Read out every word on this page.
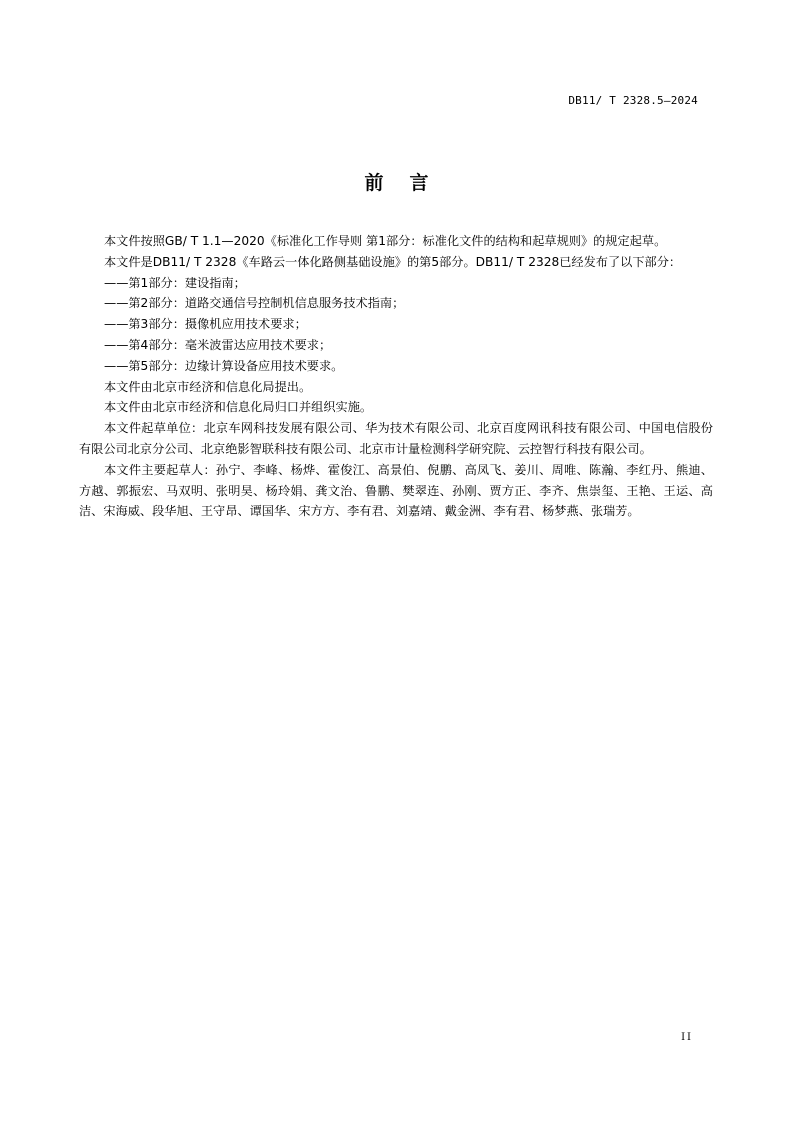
DB11/ T 2328.5—2024
前言

本文件按照GB/ T 1.1—2020《标准化工作导则 第1部分：标准化文件的结构和起草规则》的规定起草。

本文件是DB11/ T 2328《车路云一体化路侧基础设施》的第5部分。DB11/ T 2328已经发布了以下部分：

——第1部分：建设指南；

——第2部分：道路交通信号控制机信息服务技术指南；

——第3部分：摄像机应用技术要求；

——第4部分：毫米波雷达应用技术要求；

——第5部分：边缘计算设备应用技术要求。

本文件由北京市经济和信息化局提出。

本文件由北京市经济和信息化局归口并组织实施。

本文件起草单位：北京车网科技发展有限公司、华为技术有限公司、北京百度网讯科技有限公司、中国电信股份有限公司北京分公司、北京绝影智联科技有限公司、北京市计量检测科学研究院、云控智行科技有限公司。

本文件主要起草人：孙宁、李峰、杨烨、霍俊江、高景伯、倪鹏、高凤飞、姜川、周唯、陈瀚、李红丹、熊迪、方越、郭振宏、马双明、张明昊、杨玲娟、龚文治、鲁鹏、樊翠连、孙刚、贾方正、李齐、焦崇玺、王艳、王运、高洁、宋海威、段华旭、王守昂、谭国华、宋方方、李有君、刘嘉靖、戴金洲、李有君、杨梦燕、张瑞芳。

II
